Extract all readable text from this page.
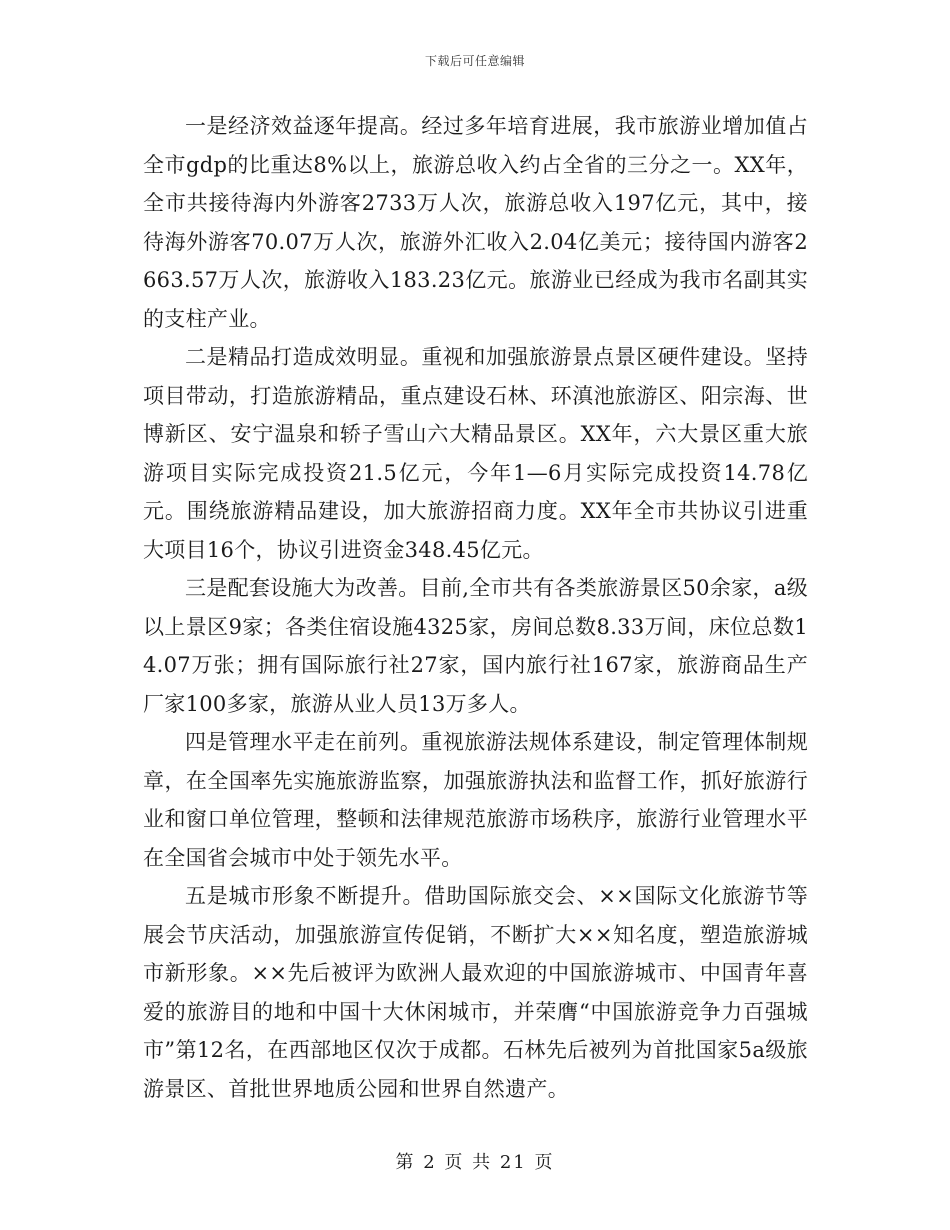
下载后可任意编辑

一是经济效益逐年提高。经过多年培育进展，我市旅游业增加值占全市gdp的比重达8%以上，旅游总收入约占全省的三分之一。XX年，全市共接待海内外游客2733万人次，旅游总收入197亿元，其中，接待海外游客70.07万人次，旅游外汇收入2.04亿美元；接待国内游客2663.57万人次，旅游收入183.23亿元。旅游业已经成为我市名副其实的支柱产业。

二是精品打造成效明显。重视和加强旅游景点景区硬件建设。坚持项目带动，打造旅游精品，重点建设石林、环滇池旅游区、阳宗海、世博新区、安宁温泉和轿子雪山六大精品景区。XX年，六大景区重大旅游项目实际完成投资21.5亿元，今年1—6月实际完成投资14.78亿元。围绕旅游精品建设，加大旅游招商力度。XX年全市共协议引进重大项目16个，协议引进资金348.45亿元。

三是配套设施大为改善。目前,全市共有各类旅游景区50余家，a级以上景区9家；各类住宿设施4325家，房间总数8.33万间，床位总数14.07万张；拥有国际旅行社27家，国内旅行社167家，旅游商品生产厂家100多家，旅游从业人员13万多人。

四是管理水平走在前列。重视旅游法规体系建设，制定管理体制规章，在全国率先实施旅游监察，加强旅游执法和监督工作，抓好旅游行业和窗口单位管理，整顿和法律规范旅游市场秩序，旅游行业管理水平在全国省会城市中处于领先水平。

五是城市形象不断提升。借助国际旅交会、××国际文化旅游节等展会节庆活动，加强旅游宣传促销，不断扩大××知名度，塑造旅游城市新形象。××先后被评为欧洲人最欢迎的中国旅游城市、中国青年喜爱的旅游目的地和中国十大休闲城市，并荣膺“中国旅游竞争力百强城市”第12名，在西部地区仅次于成都。石林先后被列为首批国家5a级旅游景区、首批世界地质公园和世界自然遗产。

第 2 页 共 21 页
